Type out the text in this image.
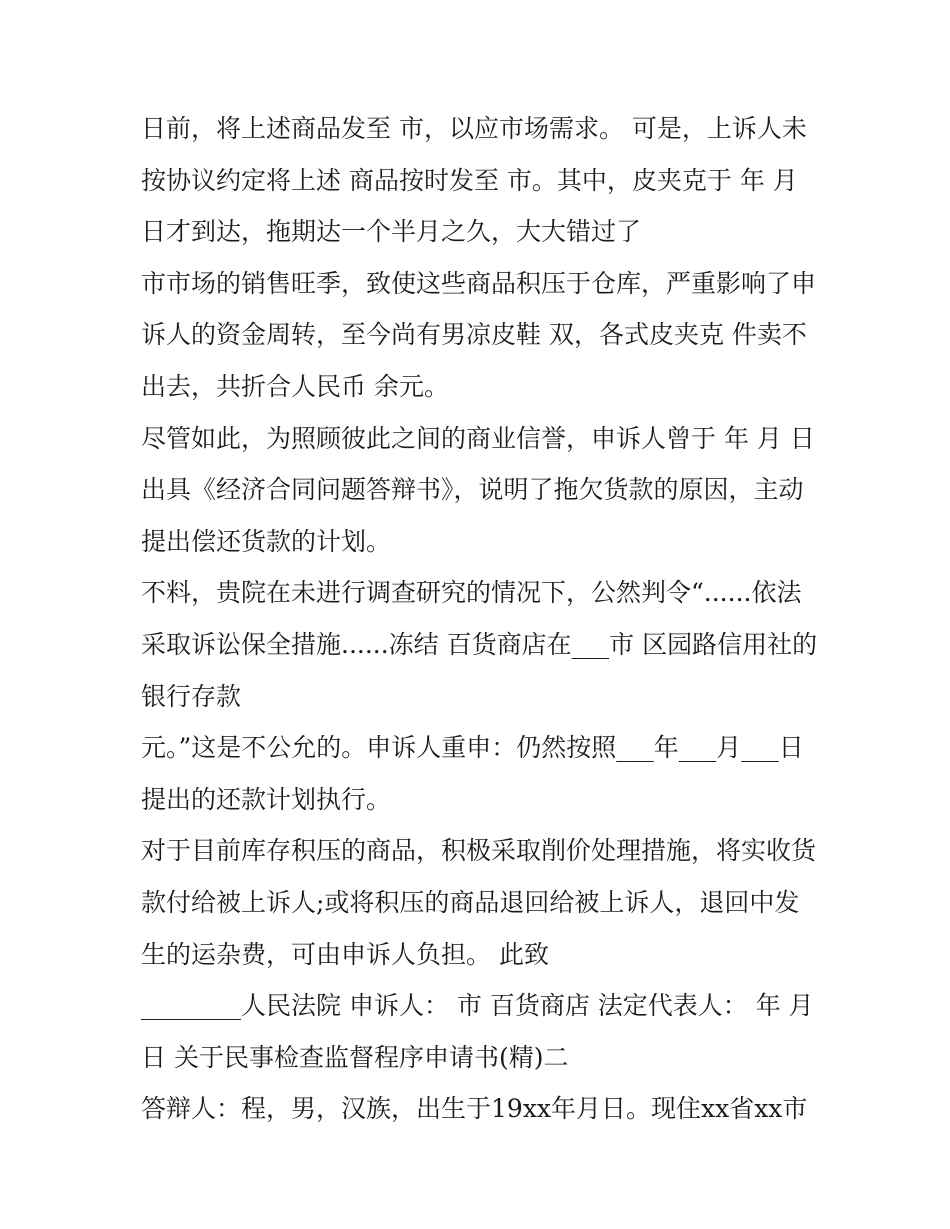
日前，将上述商品发至 市，以应市场需求。 可是，上诉人未
按协议约定将上述 商品按时发至 市。其中，皮夹克于 年 月
日才到达，拖期达一个半月之久，大大错过了
市市场的销售旺季，致使这些商品积压于仓库，严重影响了申
诉人的资金周转，至今尚有男凉皮鞋 双，各式皮夹克 件卖不
出去，共折合人民币 余元。
尽管如此，为照顾彼此之间的商业信誉，申诉人曾于 年 月 日
出具《经济合同问题答辩书》，说明了拖欠货款的原因，主动
提出偿还货款的计划。
不料，贵院在未进行调查研究的情况下，公然判令“......依法
采取诉讼保全措施......冻结 百货商店在___市 区园路信用社的
银行存款
元。”这是不公允的。申诉人重申：仍然按照___年___月___日
提出的还款计划执行。
对于目前库存积压的商品，积极采取削价处理措施，将实收货
款付给被上诉人;或将积压的商品退回给被上诉人，退回中发
生的运杂费，可由申诉人负担。 此致
________人民法院 申诉人： 市 百货商店 法定代表人： 年 月
日 关于民事检查监督程序申请书(精)二
答辩人：程，男，汉族，出生于19xx年月日。现住xx省xx市
